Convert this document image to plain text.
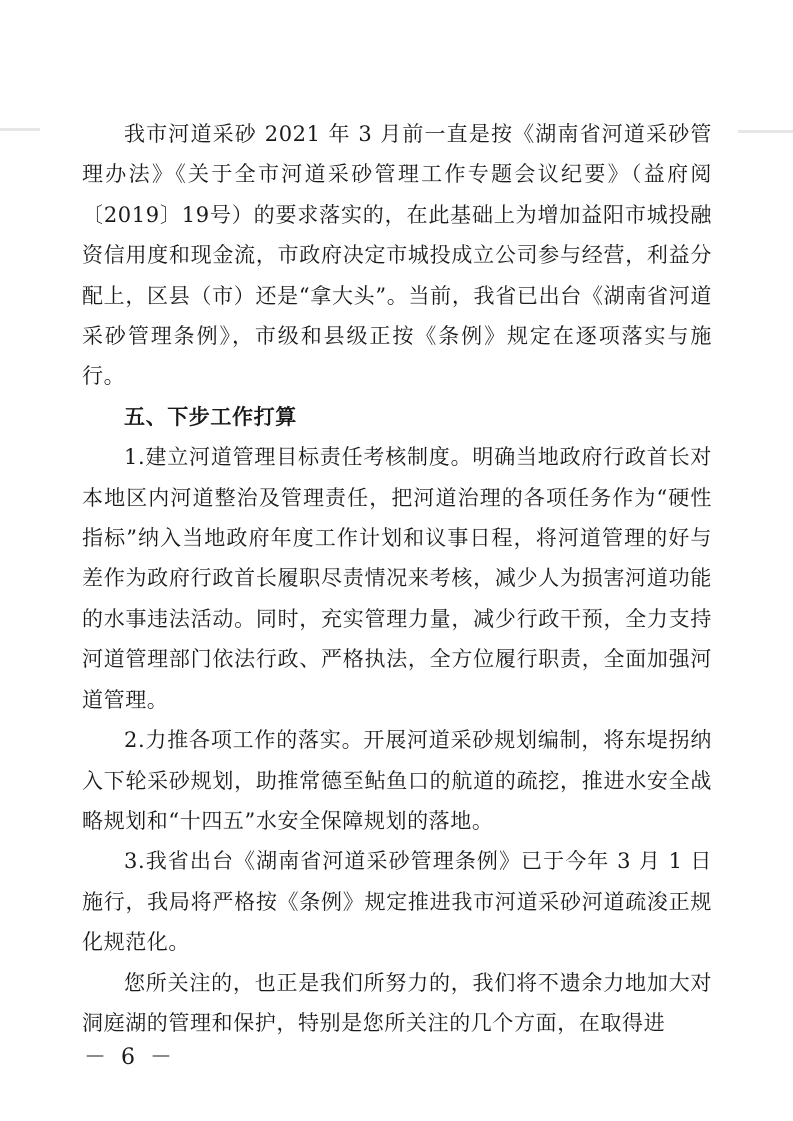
我市河道采砂 2021 年 3 月前一直是按《湖南省河道采砂管理办法》《关于全市河道采砂管理工作专题会议纪要》（益府阅〔2019〕19号）的要求落实的，在此基础上为增加益阳市城投融资信用度和现金流，市政府决定市城投成立公司参与经营，利益分配上，区县（市）还是“拿大头”。当前，我省已出台《湖南省河道采砂管理条例》，市级和县级正按《条例》规定在逐项落实与施行。

五、下步工作打算

1.建立河道管理目标责任考核制度。明确当地政府行政首长对本地区内河道整治及管理责任，把河道治理的各项任务作为“硬性指标”纳入当地政府年度工作计划和议事日程，将河道管理的好与差作为政府行政首长履职尽责情况来考核，减少人为损害河道功能的水事违法活动。同时，充实管理力量，减少行政干预，全力支持河道管理部门依法行政、严格执法，全方位履行职责，全面加强河道管理。

2.力推各项工作的落实。开展河道采砂规划编制，将东堤拐纳入下轮采砂规划，助推常德至鲇鱼口的航道的疏挖，推进水安全战略规划和“十四五”水安全保障规划的落地。

3.我省出台《湖南省河道采砂管理条例》已于今年 3 月 1 日施行，我局将严格按《条例》规定推进我市河道采砂河道疏浚正规化规范化。

您所关注的，也正是我们所努力的，我们将不遗余力地加大对洞庭湖的管理和保护，特别是您所关注的几个方面，在取得进

－ 6 －
